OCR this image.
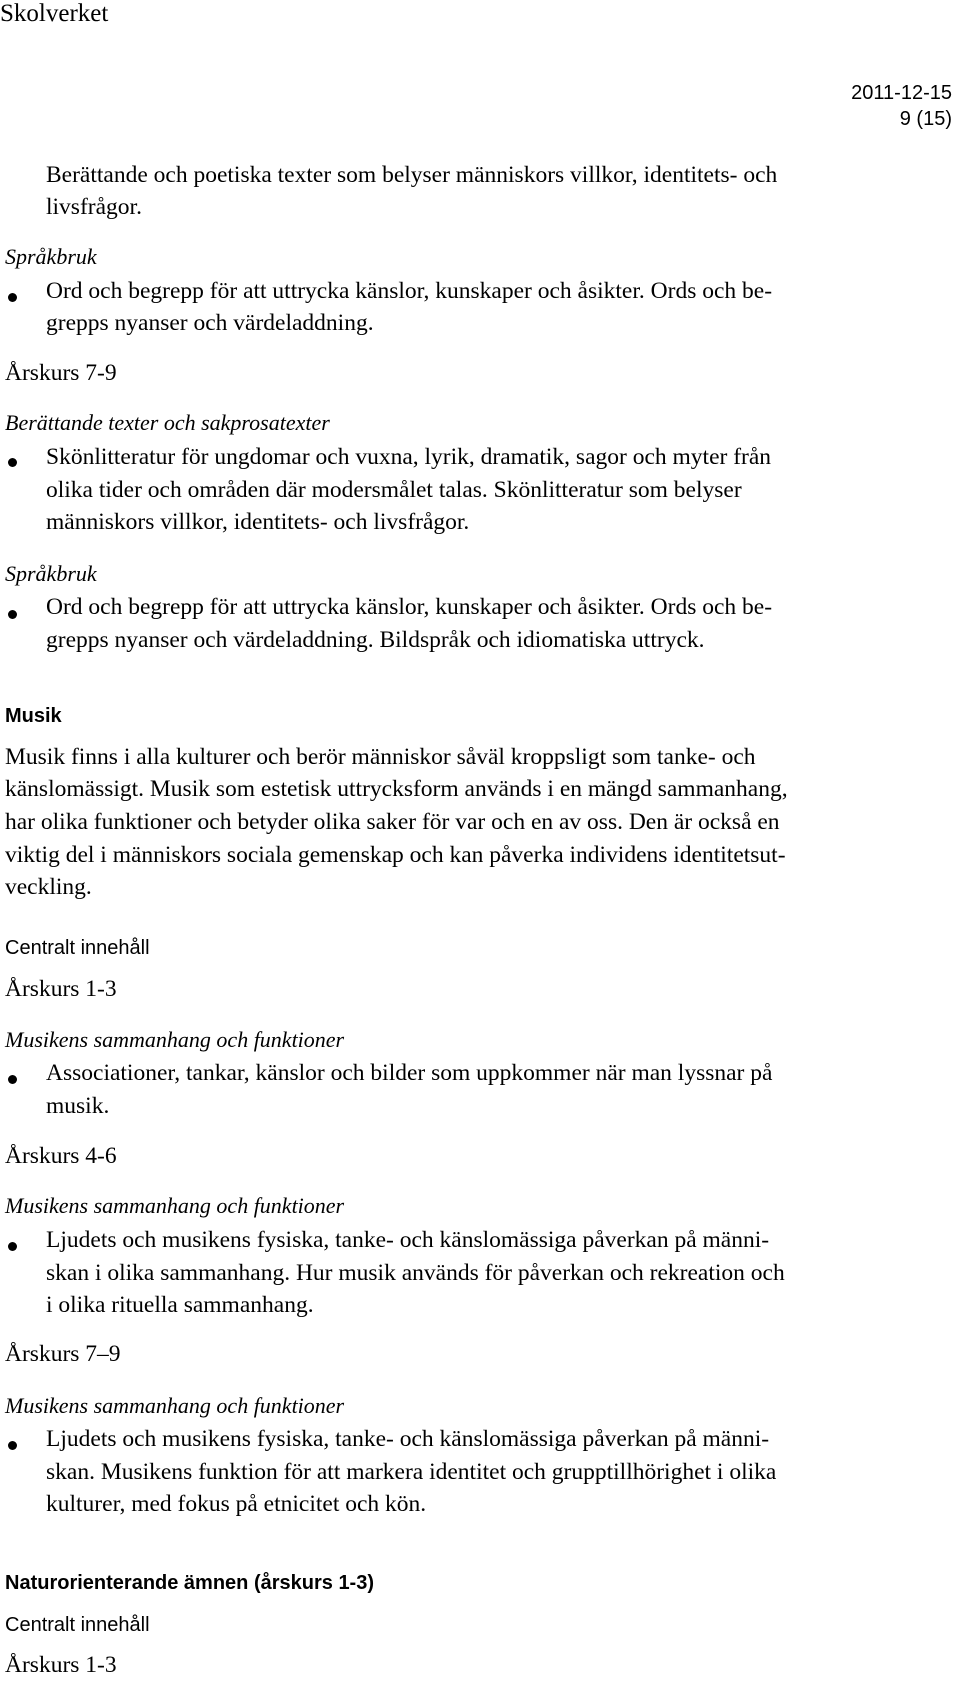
Skolverket
2011-12-15
9 (15)
Berättande och poetiska texter som belyser människors villkor, identitets- och
livsfrågor.
Språkbruk
Ord och begrepp för att uttrycka känslor, kunskaper och åsikter. Ords och be-
grepps nyanser och värdeladdning.
Årskurs 7-9
Berättande texter och sakprosatexter
Skönlitteratur för ungdomar och vuxna, lyrik, dramatik, sagor och myter från
olika tider och områden där modersmålet talas. Skönlitteratur som belyser
människors villkor, identitets- och livsfrågor.
Språkbruk
Ord och begrepp för att uttrycka känslor, kunskaper och åsikter. Ords och be-
grepps nyanser och värdeladdning. Bildspråk och idiomatiska uttryck.
Musik
Musik finns i alla kulturer och berör människor såväl kroppsligt som tanke- och
känslomässigt. Musik som estetisk uttrycksform används i en mängd sammanhang,
har olika funktioner och betyder olika saker för var och en av oss. Den är också en
viktig del i människors sociala gemenskap och kan påverka individens identitetsut-
veckling.
Centralt innehåll
Årskurs 1-3
Musikens sammanhang och funktioner
Associationer, tankar, känslor och bilder som uppkommer när man lyssnar på
musik.
Årskurs 4-6
Musikens sammanhang och funktioner
Ljudets och musikens fysiska, tanke- och känslomässiga påverkan på männi-
skan i olika sammanhang. Hur musik används för påverkan och rekreation och
i olika rituella sammanhang.
Årskurs 7–9
Musikens sammanhang och funktioner
Ljudets och musikens fysiska, tanke- och känslomässiga påverkan på männi-
skan. Musikens funktion för att markera identitet och grupptillhörighet i olika
kulturer, med fokus på etnicitet och kön.
Naturorienterande ämnen (årskurs 1-3)
Centralt innehåll
Årskurs 1-3
